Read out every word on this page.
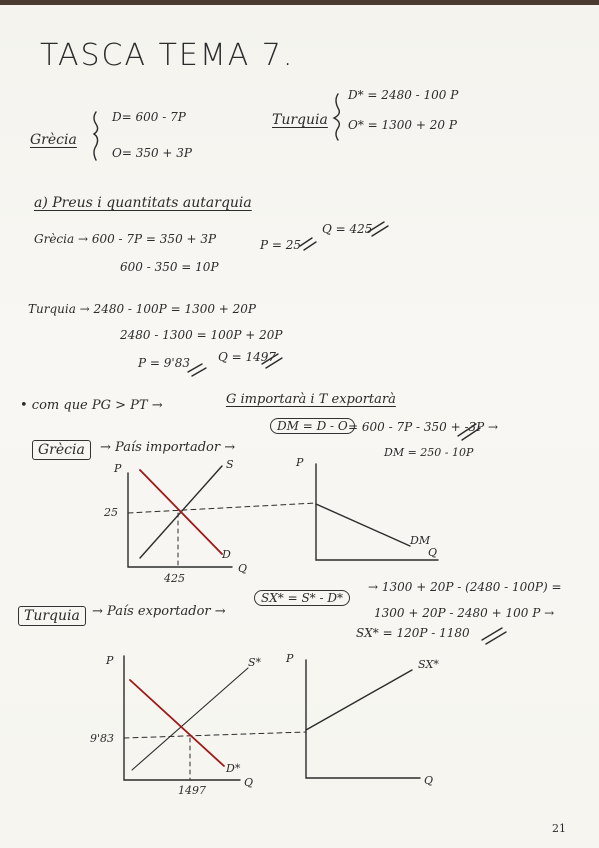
TASCA TEMA 7.
Grècia
D= 600 - 7P
O= 350 + 3P
Turquia
D* = 2480 - 100 P
O* = 1300 + 20 P
a) Preus i quantitats autarquia
Grècia → 600 - 7P = 350 + 3P
600 - 350 = 10P
P = 25
Q = 425
Turquia → 2480 - 100P = 1300 + 20P
2480 - 1300 = 100P + 20P
P = 9'83 Q = 1497
• com que PG > PT →	G importarà i T exportarà
Grècia	→ País importador →
DM = D - O = 600 - 7P - 350 + -3P →
DM = 250 - 10P
Turquia → País exportador →
SX* = S* - D*
→ 1300 + 20P - (2480 - 100P) =
1300 + 20P - 2480 + 100 P →
SX* = 120P - 1180
P
Q
S
D
25
425
P
Q
DM
P
Q
S*
D*
9'83
1497
P
Q
SX*
21
